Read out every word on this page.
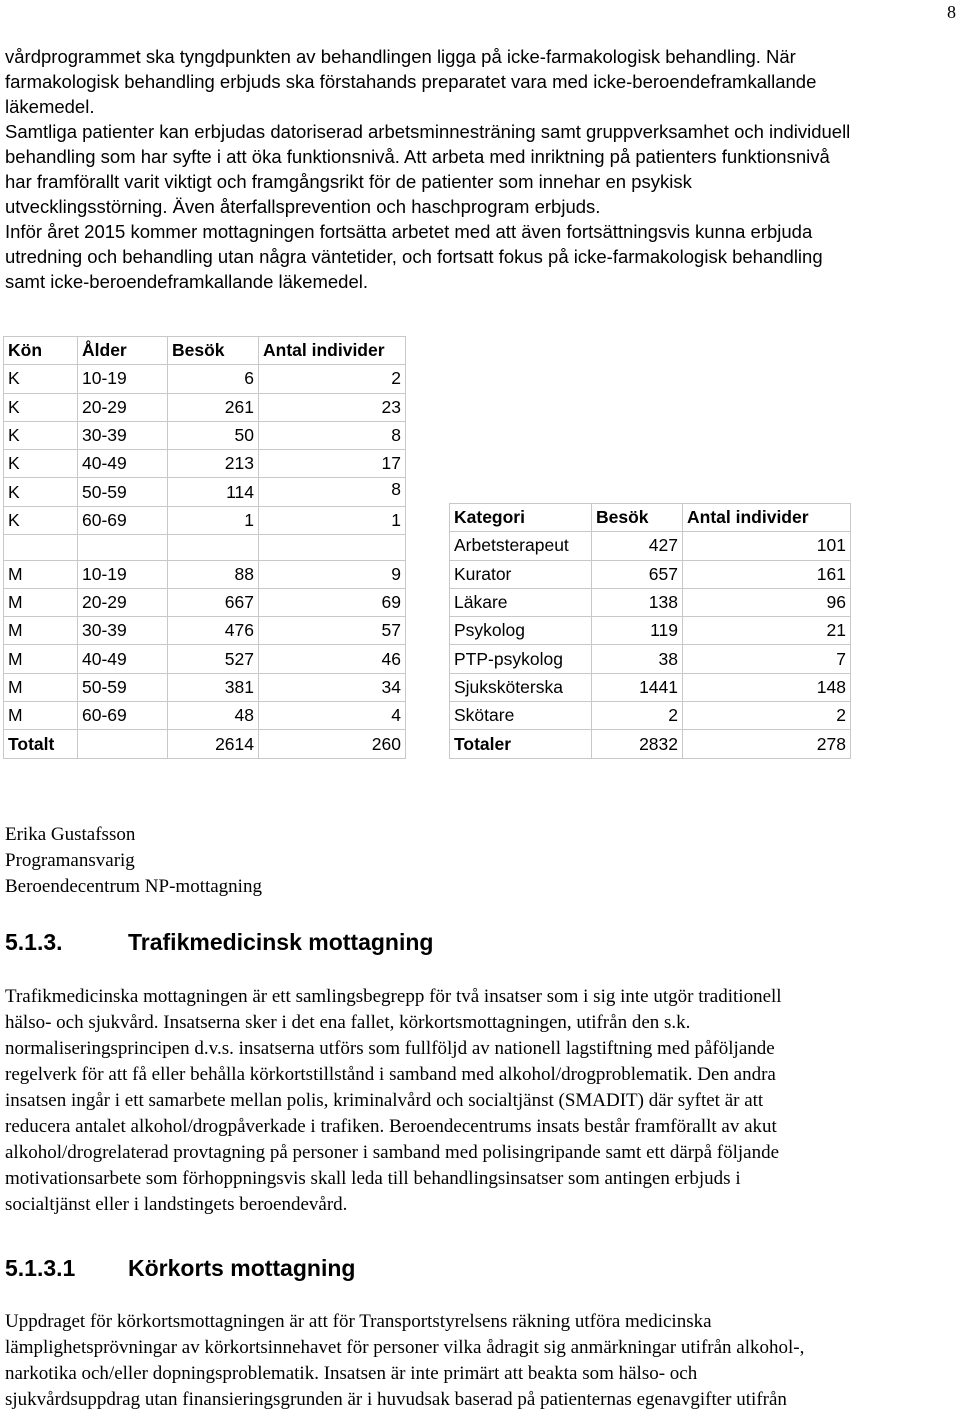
8
vårdprogrammet ska tyngdpunkten av behandlingen ligga på icke-farmakologisk behandling. När
farmakologisk behandling erbjuds ska förstahands preparatet vara med icke-beroendeframkallande
läkemedel.
Samtliga patienter kan erbjudas datoriserad arbetsminnesträning samt gruppverksamhet och individuell
behandling som har syfte i att öka funktionsnivå. Att arbeta med inriktning på patienters funktionsnivå
har framförallt varit viktigt och framgångsrikt för de patienter som innehar en psykisk
utvecklingsstörning. Även återfallsprevention och haschprogram erbjuds.
Inför året 2015 kommer mottagningen fortsätta arbetet med att även fortsättningsvis kunna erbjuda
utredning och behandling utan några väntetider, och fortsatt fokus på icke-farmakologisk behandling
samt icke-beroendeframkallande läkemedel.
Kön	Ålder	Besök	Antal individer
K	10-19	6	2
K	20-29	261	23
K	30-39	50	8
K	40-49	213	17
K	50-59	114	8
K	60-69	1	1

M	10-19	88	9
M	20-29	667	69
M	30-39	476	57
M	40-49	527	46
M	50-59	381	34
M	60-69	48	4
Totalt		2614	260
Kategori	Besök	Antal individer
Arbetsterapeut	427	101
Kurator	657	161
Läkare	138	96
Psykolog	119	21
PTP-psykolog	38	7
Sjuksköterska	1441	148
Skötare	2	2
Totaler	2832	278
Erika Gustafsson
Programansvarig
Beroendecentrum NP-mottagning
5.1.3.	Trafikmedicinsk mottagning
Trafikmedicinska mottagningen är ett samlingsbegrepp för två insatser som i sig inte utgör traditionell
hälso- och sjukvård. Insatserna sker i det ena fallet, körkortsmottagningen, utifrån den s.k.
normaliseringsprincipen d.v.s. insatserna utförs som fullföljd av nationell lagstiftning med påföljande
regelverk för att få eller behålla körkortstillstånd i samband med alkohol/drogproblematik. Den andra
insatsen ingår i ett samarbete mellan polis, kriminalvård och socialtjänst (SMADIT) där syftet är att
reducera antalet alkohol/drogpåverkade i trafiken. Beroendecentrums insats består framförallt av akut
alkohol/drogrelaterad provtagning på personer i samband med polisingripande samt ett därpå följande
motivationsarbete som förhoppningsvis skall leda till behandlingsinsatser som antingen erbjuds i
socialtjänst eller i landstingets beroendevård.
5.1.3.1 Körkorts mottagning
Uppdraget för körkortsmottagningen är att för Transportstyrelsens räkning utföra medicinska
lämplighetsprövningar av körkortsinnehavet för personer vilka ådragit sig anmärkningar utifrån alkohol-,
narkotika och/eller dopningsproblematik. Insatsen är inte primärt att beakta som hälso- och
sjukvårdsuppdrag utan finansieringsgrunden är i huvudsak baserad på patienternas egenavgifter utifrån
